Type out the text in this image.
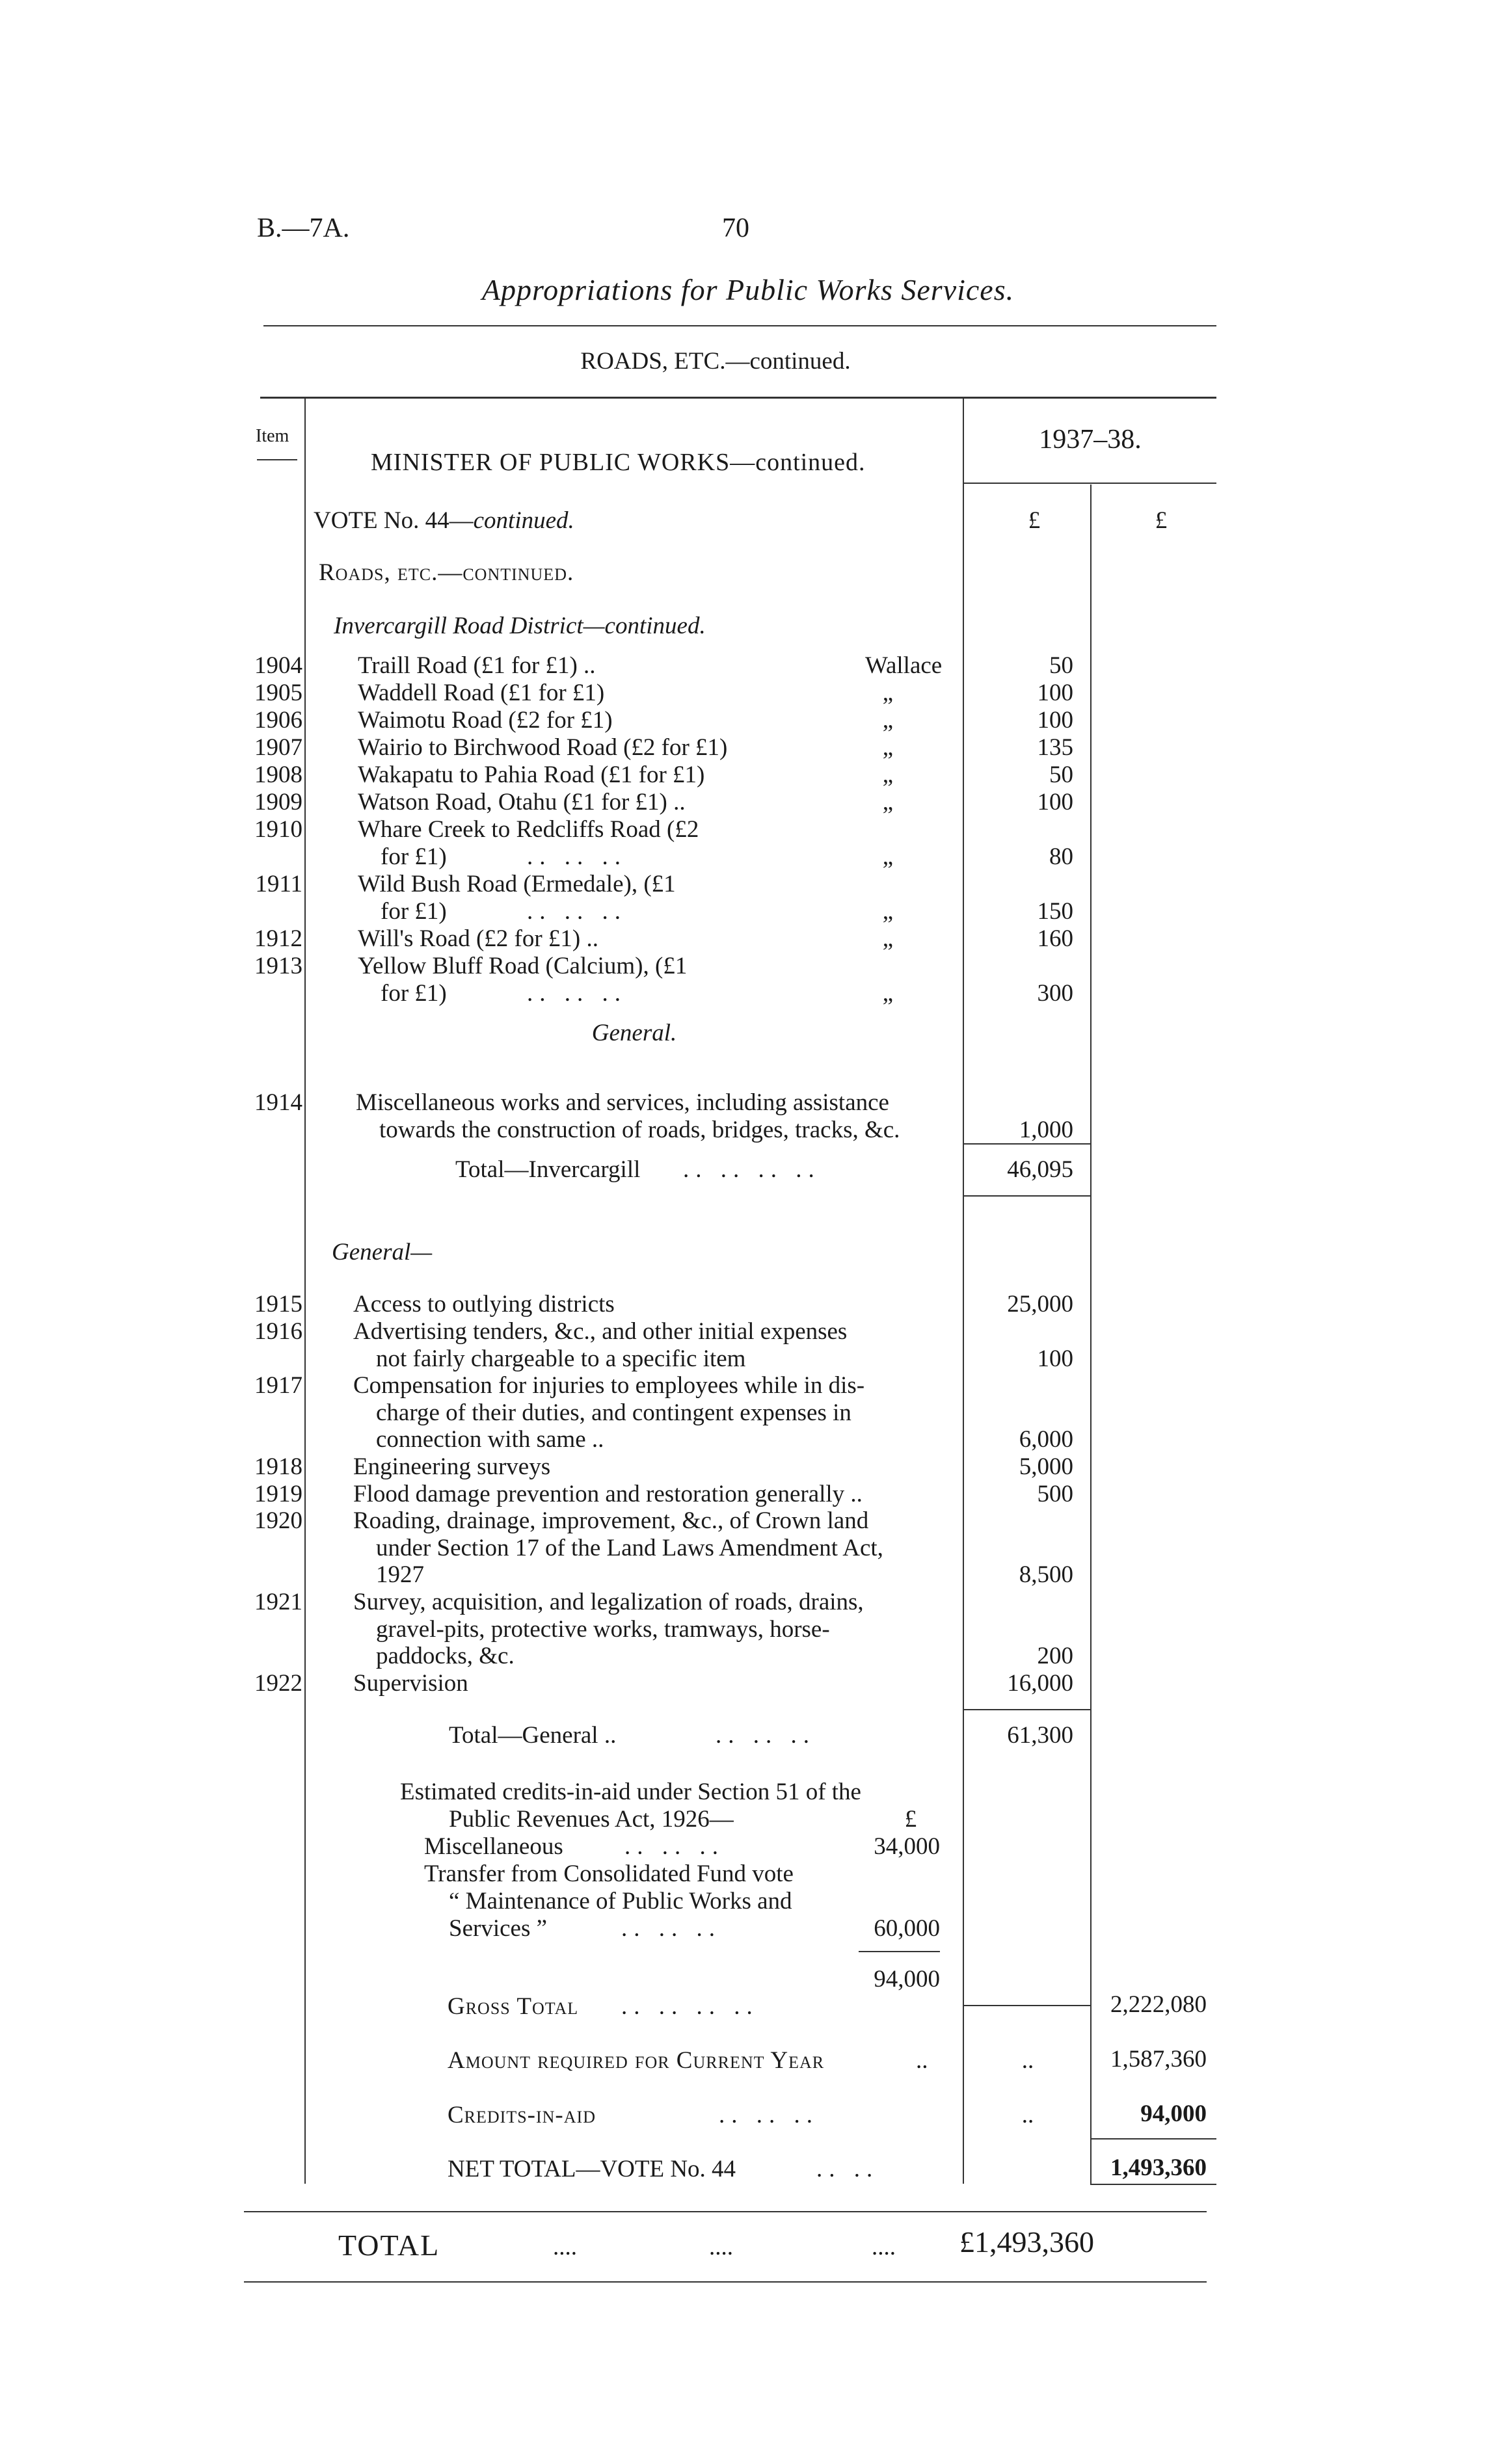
B.—7A.	70
Appropriations for Public Works Services.
ROADS, ETC.—continued.
Item
MINISTER OF PUBLIC WORKS—continued.
1937–38.
£	£
VOTE No. 44—continued.
Roads, etc.—continued.
Invercargill Road District—continued.
1904 Traill Road (£1 for £1) ..	Wallace	50
1905 Waddell Road (£1 for £1)	„	100
1906 Waimotu Road (£2 for £1)	„	100
1907 Wairio to Birchwood Road (£2 for £1)	„	135
1908 Wakapatu to Pahia Road (£1 for £1)	„	50
1909 Watson Road, Otahu (£1 for £1) ..	„	100
1910 Whare Creek to Redcliffs Road (£2
for £1)	.. .. ..	„	80
1911 Wild Bush Road (Ermedale), (£1
for £1)	.. .. ..	„	150
1912 Will's Road (£2 for £1) ..	„	160
1913 Yellow Bluff Road (Calcium), (£1
for £1)	.. .. ..	„	300
1914 Miscellaneous works and services, including assistance
towards the construction of roads, bridges, tracks, &c.	1,000
General.
Total—Invercargill .. .. .. ..	46,095
General—
1915 Access to outlying districts	25,000
1916 Advertising tenders, &c., and other initial expenses
not fairly chargeable to a specific item	100
1917 Compensation for injuries to employees while in dis-
charge of their duties, and contingent expenses in
connection with same ..	6,000
1918 Engineering surveys	5,000
1919 Flood damage prevention and restoration generally ..	500
1920 Roading, drainage, improvement, &c., of Crown land
under Section 17 of the Land Laws Amendment Act,
1927	8,500
1921 Survey, acquisition, and legalization of roads, drains,
gravel-pits, protective works, tramways, horse-
paddocks, &c.	200
1922 Supervision	16,000
Total—General ..	.. .. ..	61,300
Estimated credits-in-aid under Section 51 of the
Public Revenues Act, 1926—	£
Miscellaneous	.. .. ..	34,000
Transfer from Consolidated Fund vote
“ Maintenance of Public Works and
Services ”	.. .. ..	60,000
94,000
Gross Total .. .. .. ..	2,222,080
Amount required for Current Year	..	..	1,587,360
Credits-in-aid	.. .. ..	..	94,000
NET TOTAL—VOTE No. 44	.. ..	1,493,360
TOTAL	....	....	.... £1,493,360
